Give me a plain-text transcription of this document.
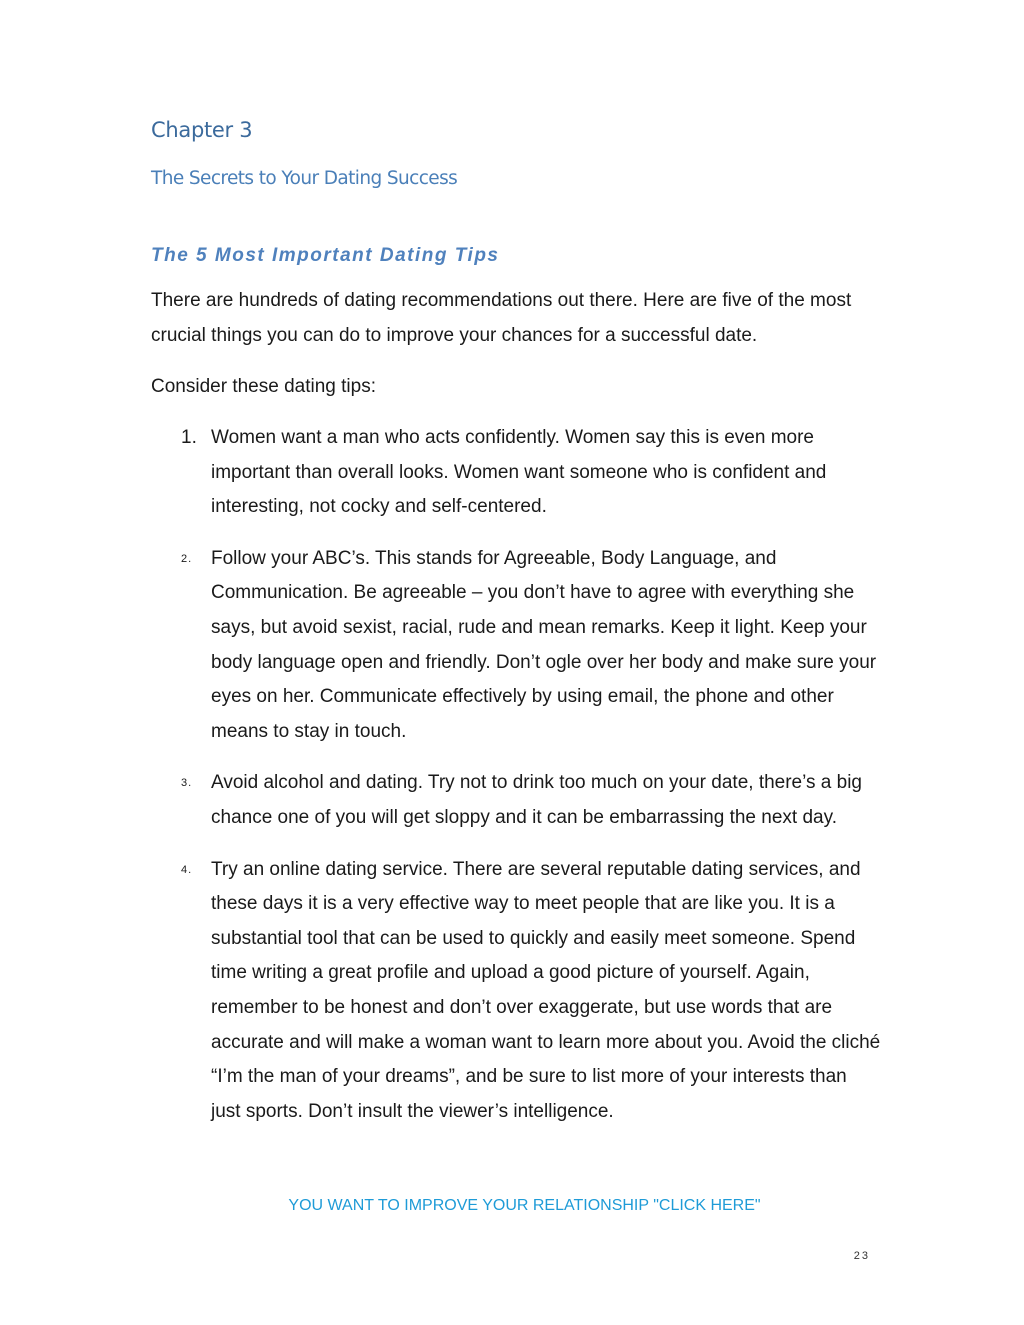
Chapter 3
The Secrets to Your Dating Success
The 5 Most Important Dating Tips

There are hundreds of dating recommendations out there. Here are five of the most crucial things you can do to improve your chances for a successful date.

Consider these dating tips:

1. Women want a man who acts confidently. Women say this is even more important than overall looks. Women want someone who is confident and interesting, not cocky and self-centered.

2. Follow your ABC’s. This stands for Agreeable, Body Language, and Communication. Be agreeable – you don’t have to agree with everything she says, but avoid sexist, racial, rude and mean remarks. Keep it light. Keep your body language open and friendly. Don’t ogle over her body and make sure your eyes on her. Communicate effectively by using email, the phone and other means to stay in touch.

3. Avoid alcohol and dating. Try not to drink too much on your date, there’s a big chance one of you will get sloppy and it can be embarrassing the next day.

4. Try an online dating service. There are several reputable dating services, and these days it is a very effective way to meet people that are like you. It is a substantial tool that can be used to quickly and easily meet someone. Spend time writing a great profile and upload a good picture of yourself. Again, remember to be honest and don’t over exaggerate, but use words that are accurate and will make a woman want to learn more about you. Avoid the cliché “I’m the man of your dreams”, and be sure to list more of your interests than just sports. Don’t insult the viewer’s intelligence.

YOU WANT TO IMPROVE YOUR RELATIONSHIP "CLICK HERE"

23
